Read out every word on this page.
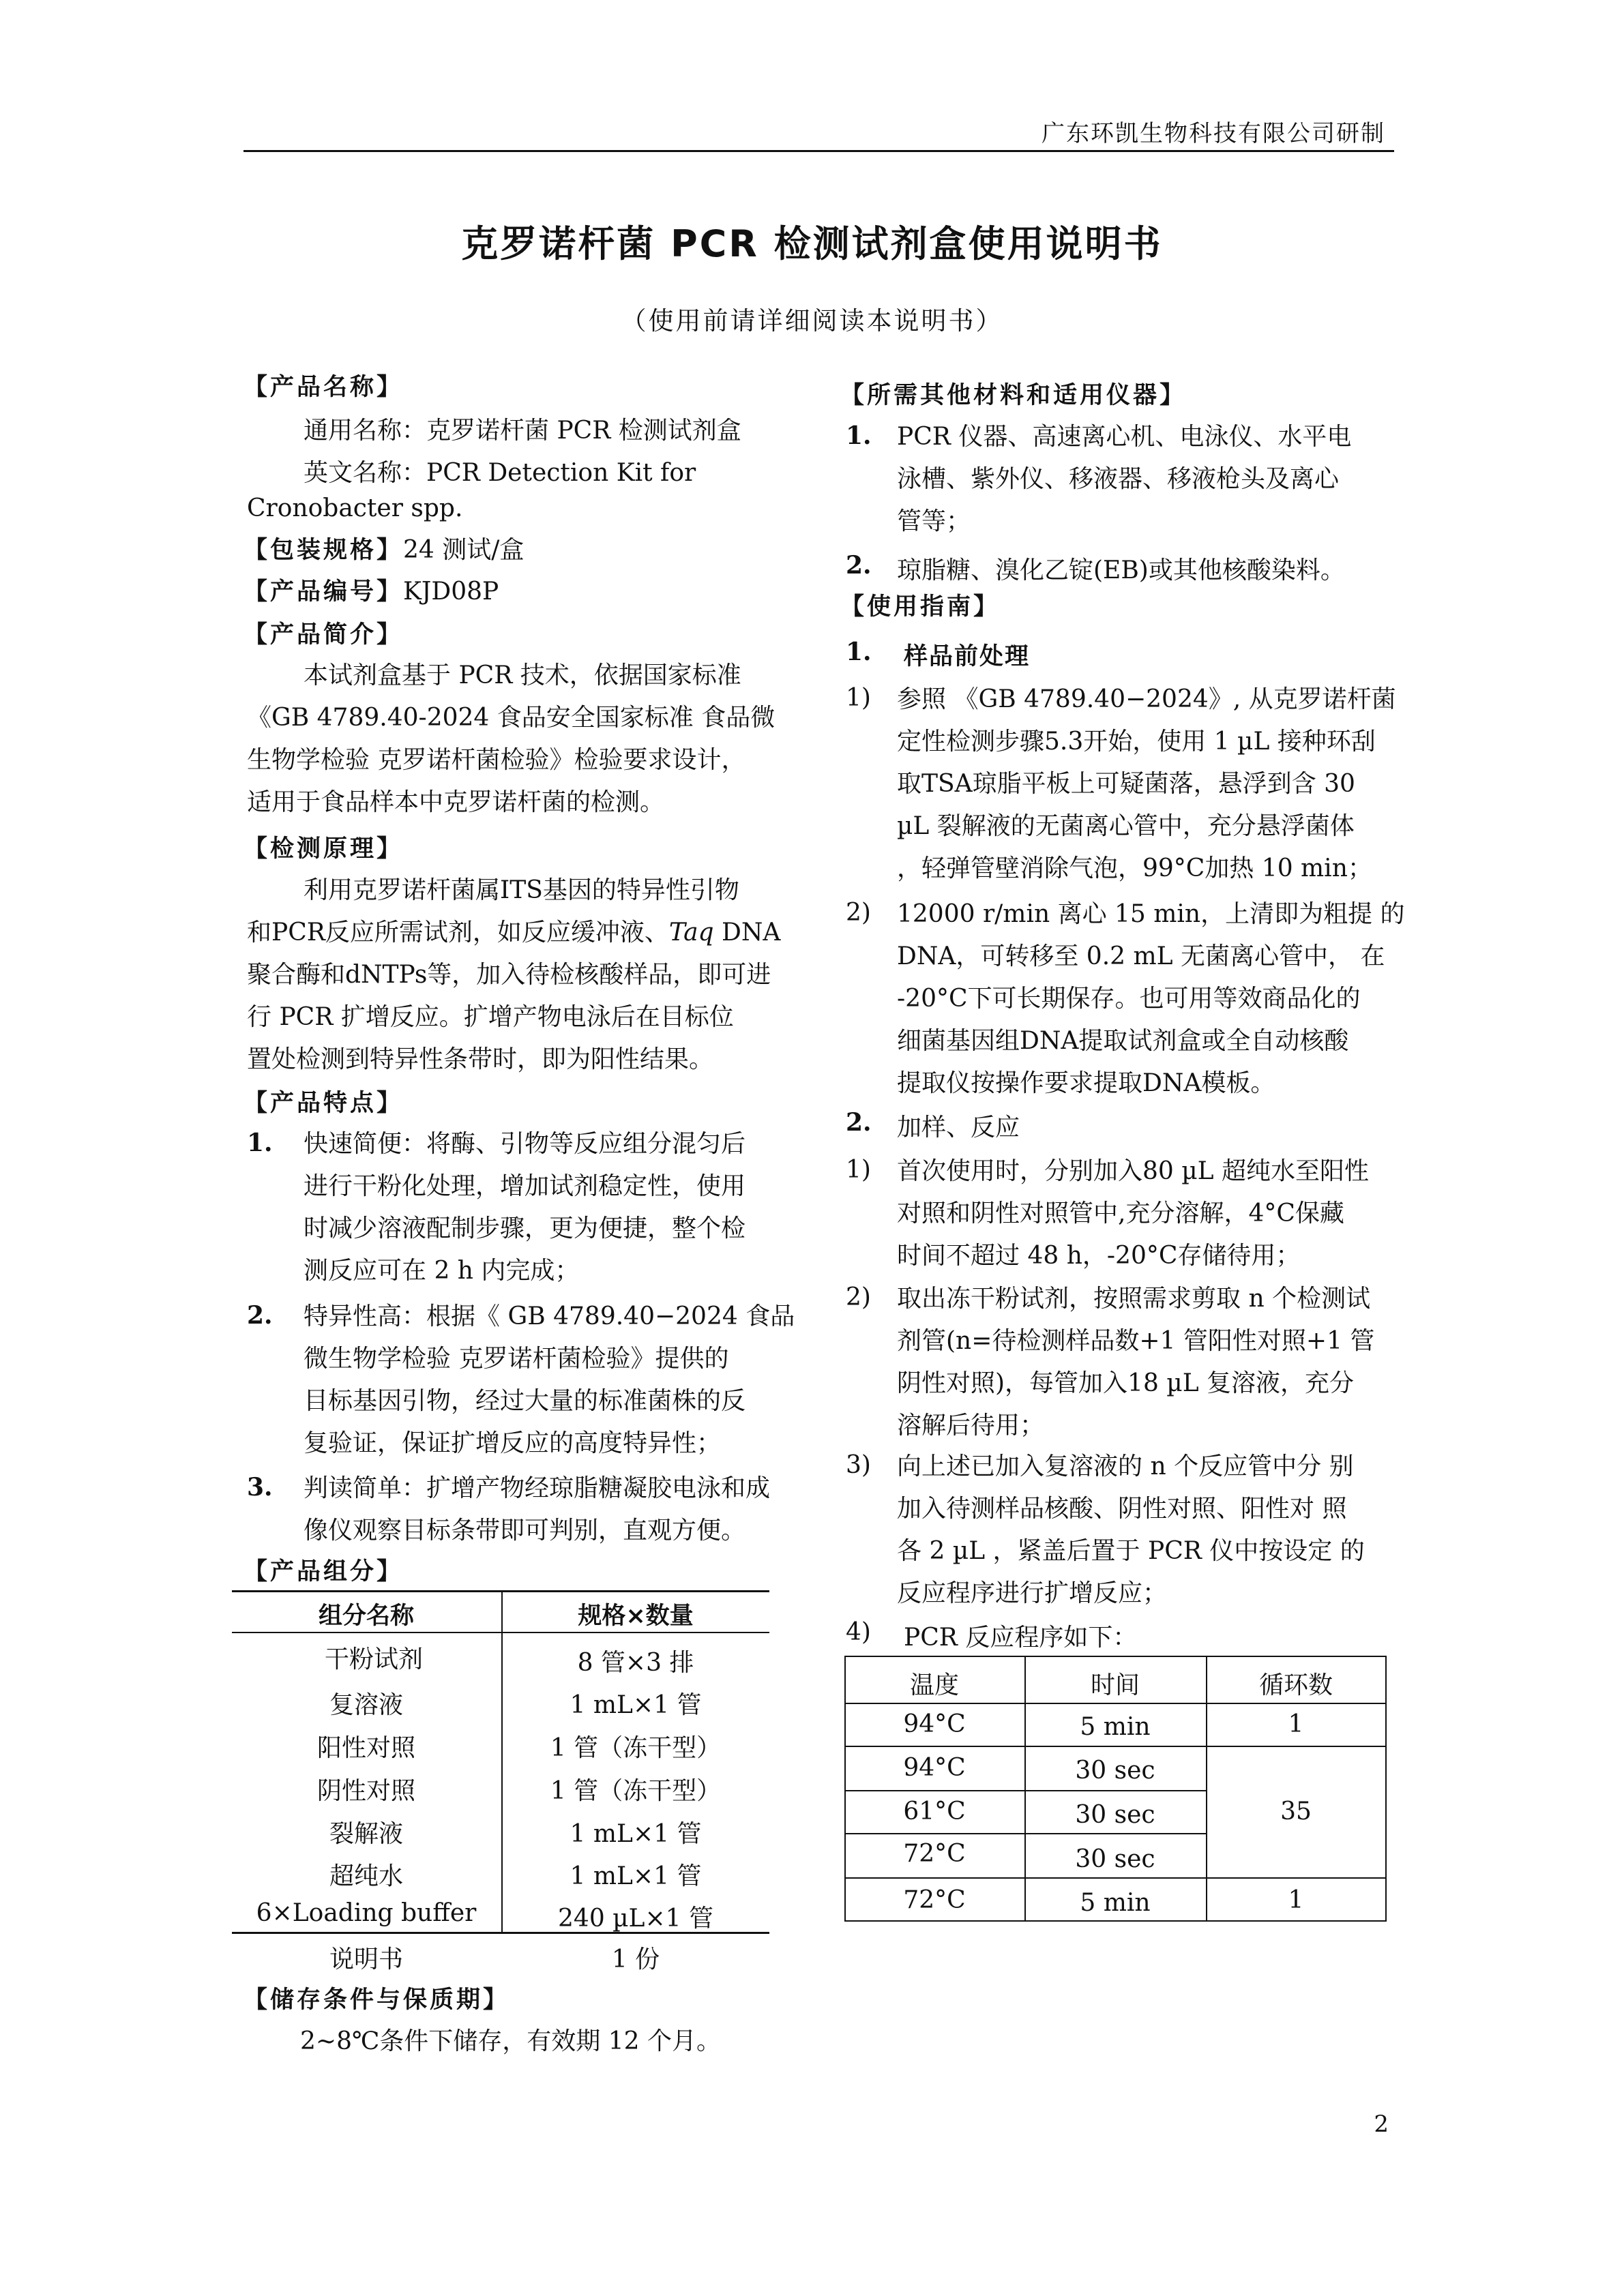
广东环凯生物科技有限公司研制
克罗诺杆菌 PCR 检测试剂盒使用说明书
（使用前请详细阅读本说明书）
【产品名称】
通用名称：克罗诺杆菌 PCR 检测试剂盒
英文名称：PCR Detection Kit for
Cronobacter spp.
【包装规格】24 测试/盒
【产品编号】KJD08P
【产品简介】
本试剂盒基于 PCR 技术，依据国家标准
《GB 4789.40-2024 食品安全国家标准 食品微
生物学检验 克罗诺杆菌检验》检验要求设计，
适用于食品样本中克罗诺杆菌的检测。
【检测原理】
利用克罗诺杆菌属ITS基因的特异性引物
和PCR反应所需试剂，如反应缓冲液、Taq DNA
聚合酶和dNTPs等，加入待检核酸样品，即可进
行 PCR 扩增反应。扩增产物电泳后在目标位
置处检测到特异性条带时，即为阳性结果。
【产品特点】
1. 快速简便：将酶、引物等反应组分混匀后
进行干粉化处理，增加试剂稳定性，使用
时减少溶液配制步骤，更为便捷，整个检
测反应可在 2 h 内完成；
2. 特异性高：根据《 GB 4789.40−2024 食品
微生物学检验 克罗诺杆菌检验》提供的
目标基因引物，经过大量的标准菌株的反
复验证，保证扩增反应的高度特异性；
3. 判读简单：扩增产物经琼脂糖凝胶电泳和成
像仪观察目标条带即可判别，直观方便。
【产品组分】
组分名称	规格×数量
干粉试剂	8 管×3 排
复溶液	1 mL×1 管
阳性对照	1 管（冻干型）
阴性对照	1 管（冻干型）
裂解液	1 mL×1 管
超纯水	1 mL×1 管
6×Loading buffer	240 µL×1 管
说明书	1 份
【储存条件与保质期】
2~8℃条件下储存，有效期 12 个月。
【所需其他材料和适用仪器】
1. PCR 仪器、高速离心机、电泳仪、水平电
泳槽、紫外仪、移液器、移液枪头及离心
管等；
2. 琼脂糖、溴化乙锭(EB)或其他核酸染料。
【使用指南】
1. 样品前处理
1) 参照 《GB 4789.40−2024》, 从克罗诺杆菌
定性检测步骤5.3开始，使用 1 µL 接种环刮
取TSA琼脂平板上可疑菌落，悬浮到含 30
µL 裂解液的无菌离心管中，充分悬浮菌体
，轻弹管壁消除气泡，99°C加热 10 min；
2) 12000 r/min 离心 15 min，上清即为粗提 的
DNA，可转移至 0.2 mL 无菌离心管中， 在
-20°C下可长期保存。也可用等效商品化的
细菌基因组DNA提取试剂盒或全自动核酸
提取仪按操作要求提取DNA模板。
2. 加样、反应
1) 首次使用时，分别加入80 µL 超纯水至阳性
对照和阴性对照管中,充分溶解，4°C保藏
时间不超过 48 h，-20°C存储待用；
2) 取出冻干粉试剂，按照需求剪取 n 个检测试
剂管(n=待检测样品数+1 管阳性对照+1 管
阴性对照)，每管加入18 µL 复溶液，充分
溶解后待用；
3) 向上述已加入复溶液的 n 个反应管中分 别
加入待测样品核酸、阴性对照、阳性对 照
各 2 µL ，紧盖后置于 PCR 仪中按设定 的
反应程序进行扩增反应；
4) PCR 反应程序如下：
温度	时间	循环数
94°C	5 min	1
94°C	30 sec
61°C	30 sec	35
72°C	30 sec
72°C	5 min	1
2
